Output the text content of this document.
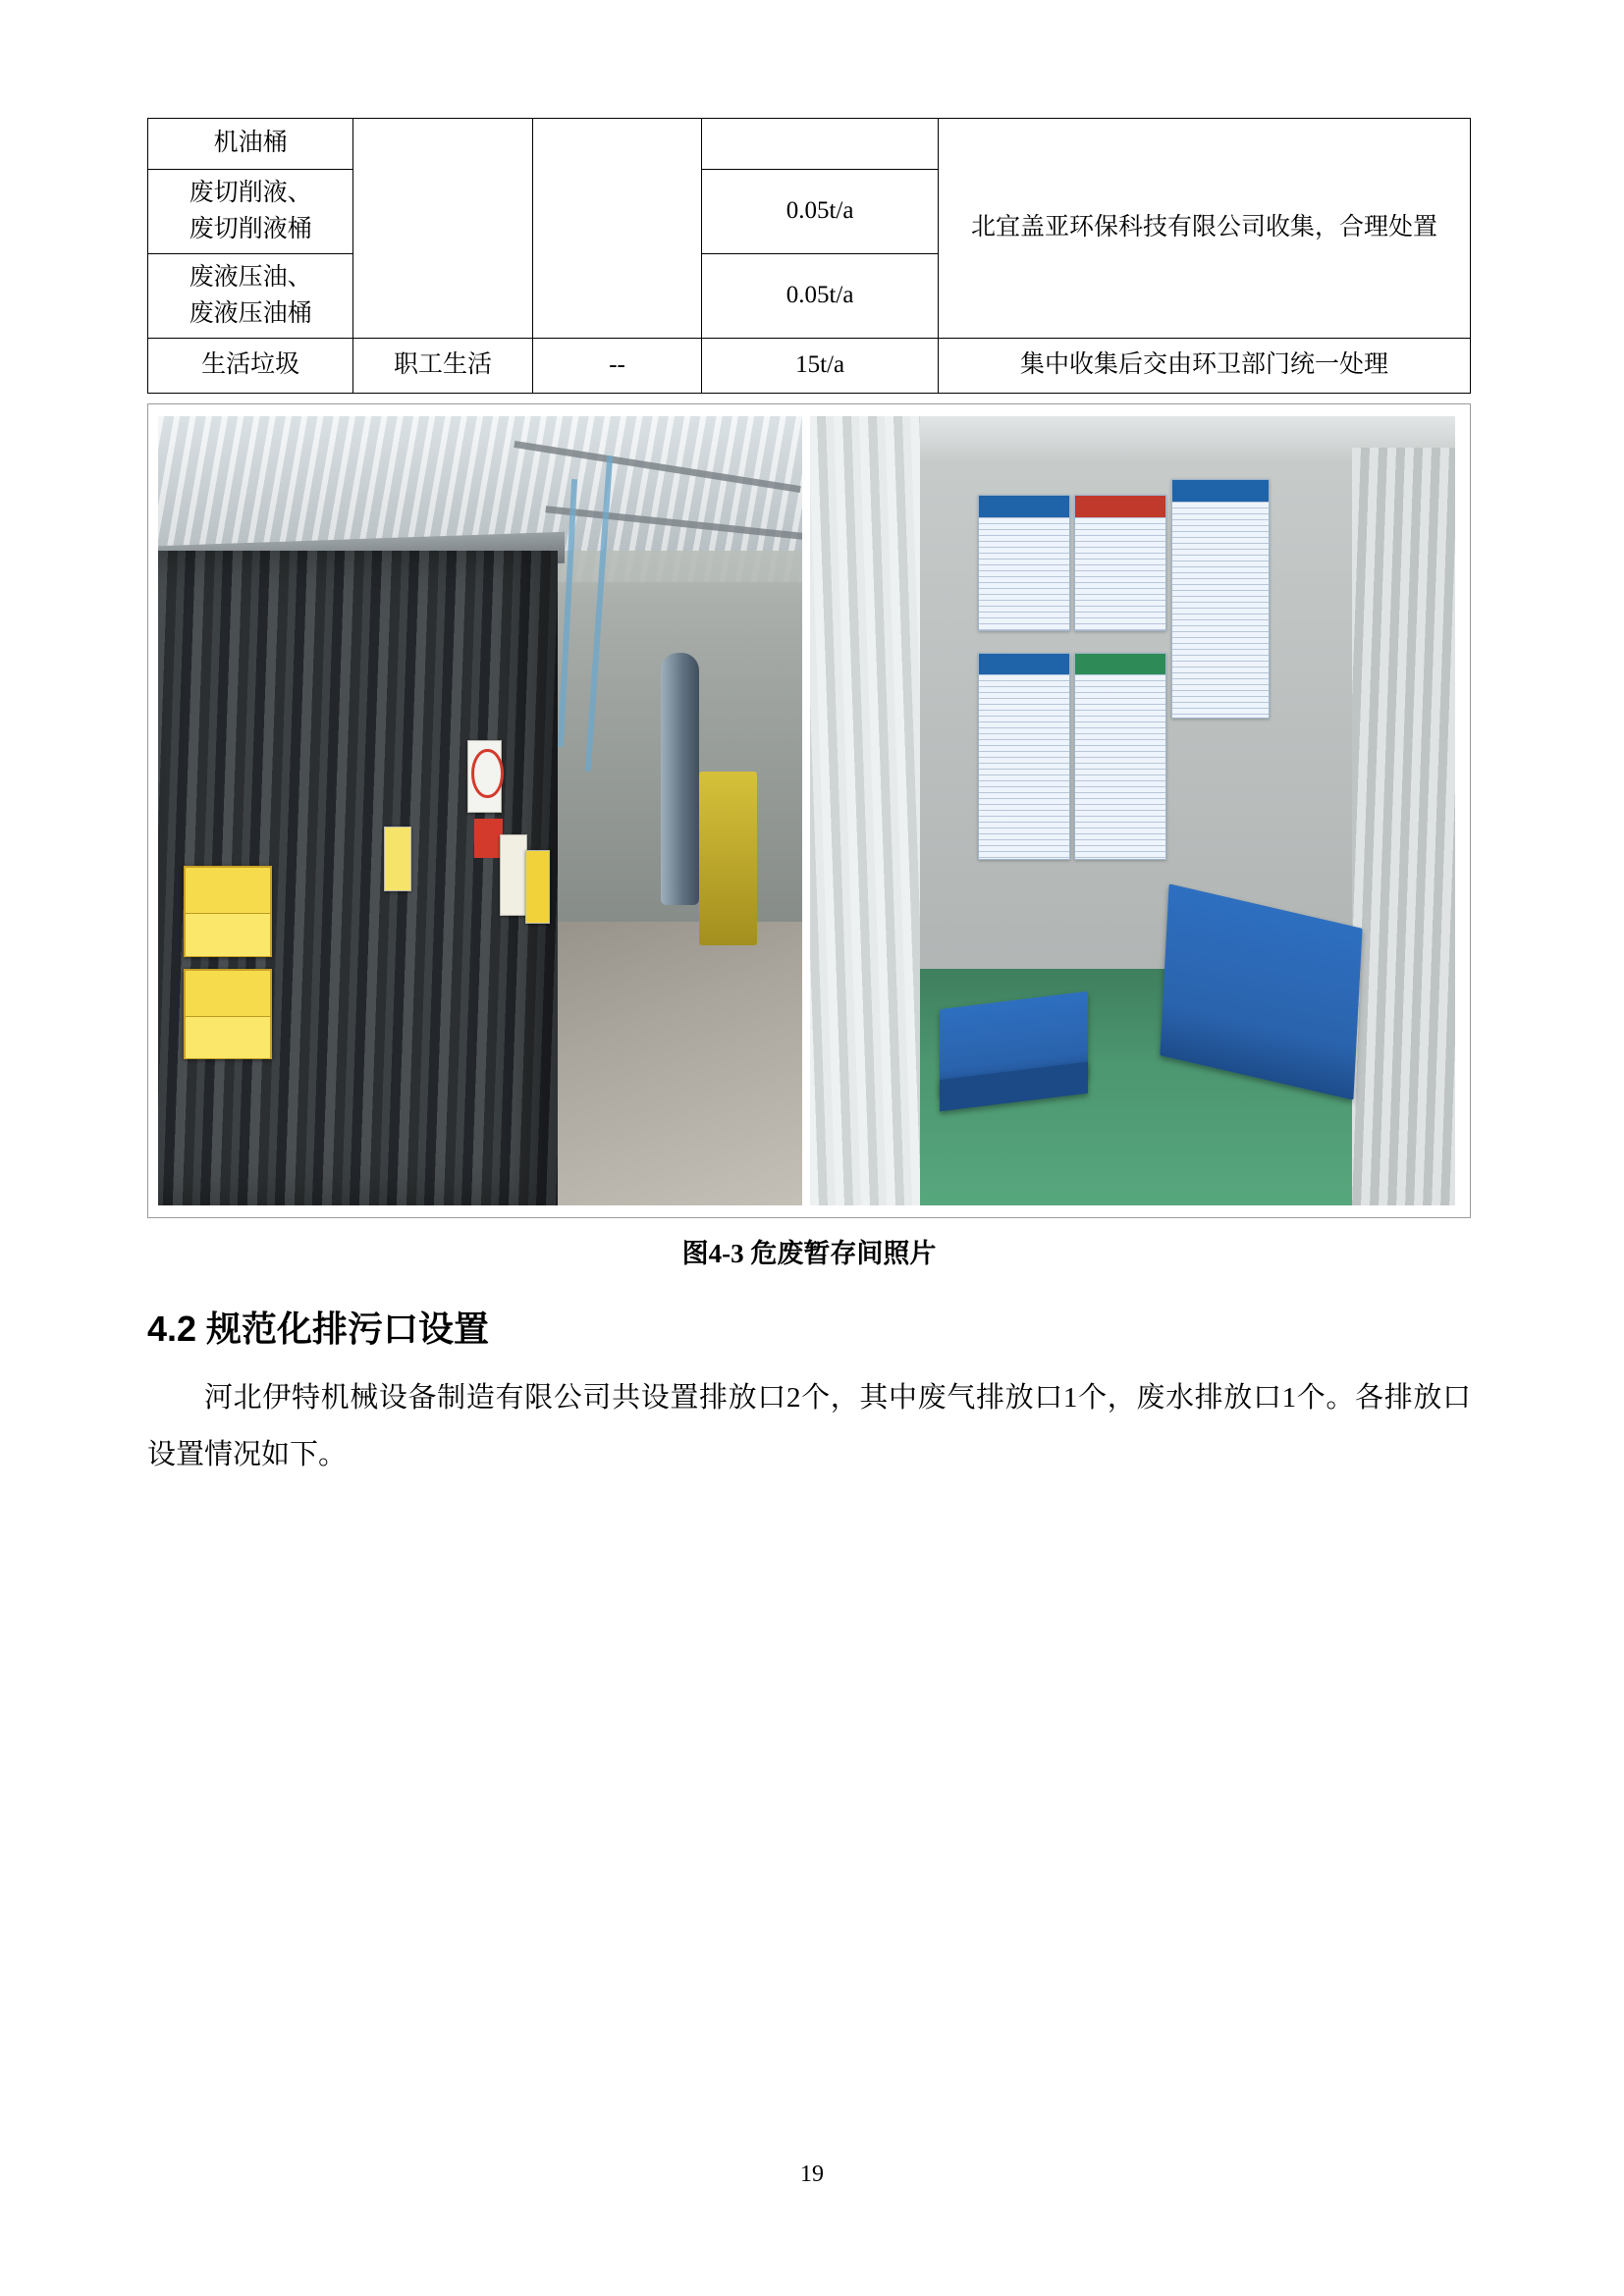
机油桶				北宜盖亚环保科技有限公司收集，合理处置

废切削液、
废切削液桶			0.05t/a	

废液压油、
废液压油桶			0.05t/a	
生活垃圾	职工生活	--	15t/a	集中收集后交由环卫部门统一处理
图4-3 危废暂存间照片
4.2 规范化排污口设置

河北伊特机械设备制造有限公司共设置排放口2个，其中废气排放口1个，废水排放口1个。各排放口设置情况如下。

19
